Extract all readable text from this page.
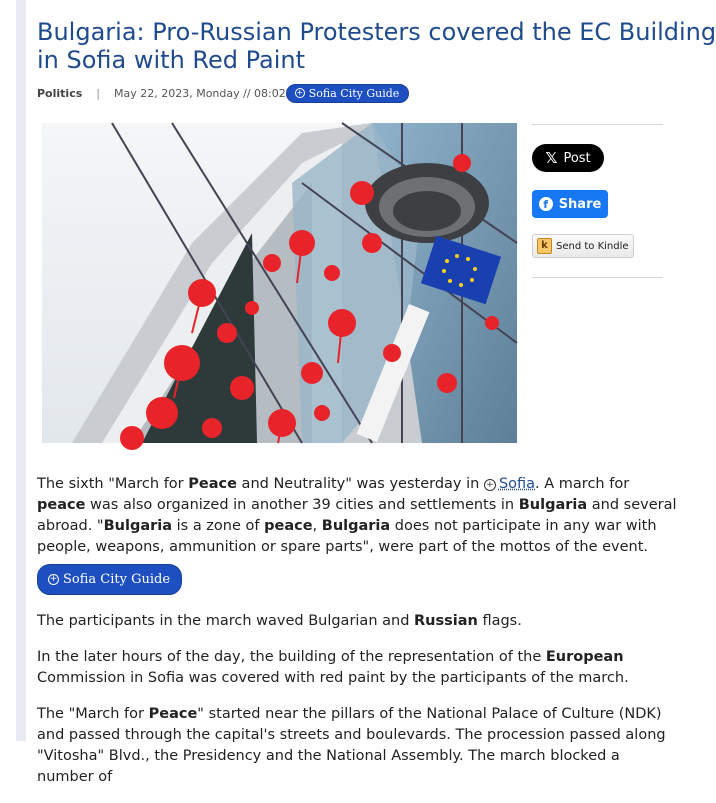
Bulgaria: Pro-Russian Protesters covered the EC Building
in Sofia with Red Paint
Politics | May 22, 2023, Monday // 08:02 + Sofia City Guide
𝕏 Post
f Share
k Send to Kindle

The sixth "March for Peace and Neutrality" was yesterday in + Sofia. A march for peace was also organized in another 39 cities and settlements in Bulgaria and several abroad. "Bulgaria is a zone of peace, Bulgaria does not participate in any war with people, weapons, ammunition or spare parts", were part of the mottos of the event.

+ Sofia City Guide

The participants in the march waved Bulgarian and Russian flags.

In the later hours of the day, the building of the representation of the European Commission in Sofia was covered with red paint by the participants of the march.

The "March for Peace" started near the pillars of the National Palace of Culture (NDK) and passed through the capital's streets and boulevards. The procession passed along "Vitosha" Blvd., the Presidency and the National Assembly. The march blocked a number of
